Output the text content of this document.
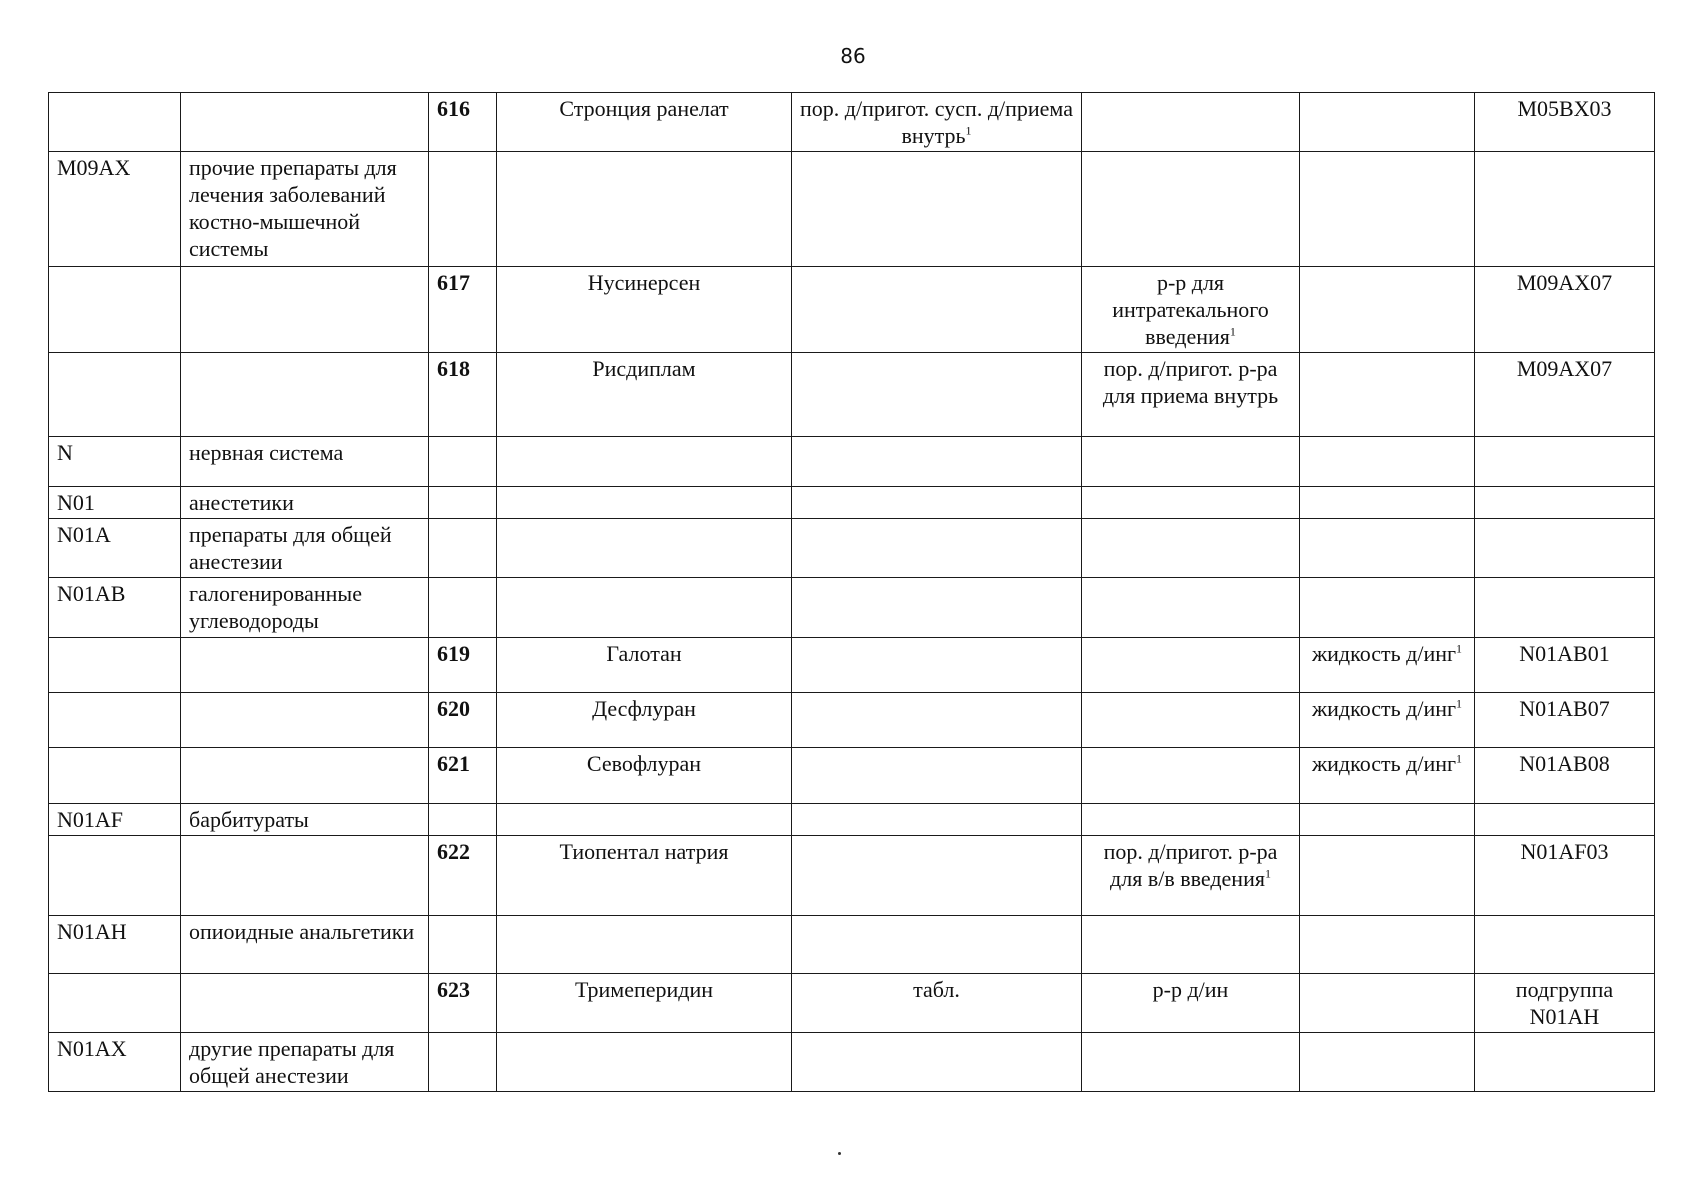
86
		616	Стронция ранелат	пор. д/пригот. сусп. д/приема внутрь$^1$			M05BX03
M09AX	прочие препараты для лечения заболеваний костно-мышечной системы						
		617	Нусинерсен		р-р для интратекального введения$^1$		M09AX07
		618	Рисдиплам		пор. д/пригот. р-ра для приема внутрь		M09AX07
N	нервная система						
N01	анестетики						
N01A	препараты для общей анестезии						
N01AB	галогенированные углеводороды						
		619	Галотан			жидкость д/инг$^1$	N01AB01
		620	Десфлуран			жидкость д/инг$^1$	N01AB07
		621	Севофлуран			жидкость д/инг$^1$	N01AB08
N01AF	барбитураты						
		622	Тиопентал натрия		пор. д/пригот. р-ра для в/в введения$^1$		N01AF03
N01AH	опиоидные анальгетики						
		623	Тримеперидин	табл.	р-р д/ин		подгруппа N01AH
N01AX	другие препараты для общей анестезии						
